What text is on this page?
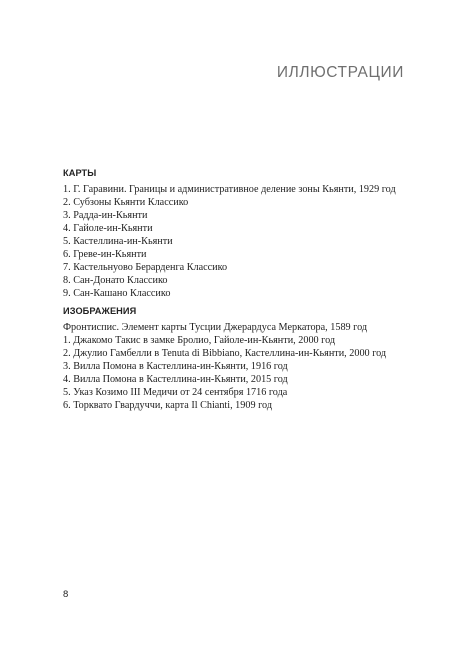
ИЛЛЮСТРАЦИИ
КАРТЫ
1. Г. Гаравини. Границы и административное деление зоны Кьянти, 1929 год
2. Субзоны Кьянти Классико
3. Радда-ин-Кьянти
4. Гайоле-ин-Кьянти
5. Кастеллина-ин-Кьянти
6. Греве-ин-Кьянти
7. Кастельнуово Берарденга Классико
8. Сан-Донато Классико
9. Сан-Кашано Классико
ИЗОБРАЖЕНИЯ
Фронтиспис. Элемент карты Тусции Джерардуса Меркатора, 1589 год
1. Джакомо Такис в замке Бролио, Гайоле-ин-Кьянти, 2000 год
2. Джулио Гамбелли в Tenuta di Bibbiano, Кастеллина-ин-Кьянти, 2000 год
3. Вилла Помона в Кастеллина-ин-Кьянти, 1916 год
4. Вилла Помона в Кастеллина-ин-Кьянти, 2015 год
5. Указ Козимо III Медичи от 24 сентября 1716 года
6. Торквато Гвардуччи, карта Il Chianti, 1909 год
8
